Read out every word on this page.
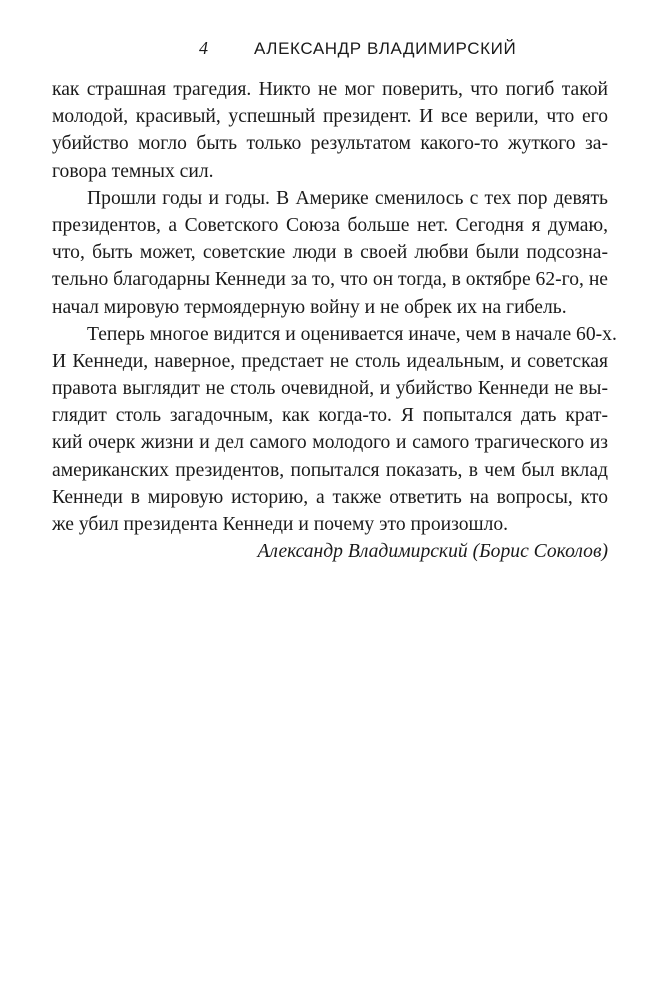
4	АЛЕКСАНДР ВЛАДИМИРСКИЙ
как страшная трагедия. Никто не мог поверить, что погиб такой
молодой, красивый, успешный президент. И все верили, что его
убийство могло быть только результатом какого-то жуткого за-
говора темных сил.
Прошли годы и годы. В Америке сменилось с тех пор девять
президентов, а Советского Союза больше нет. Сегодня я думаю,
что, быть может, советские люди в своей любви были подсозна-
тельно благодарны Кеннеди за то, что он тогда, в октябре 62-го, не
начал мировую термоядерную войну и не обрек их на гибель.
Теперь многое видится и оценивается иначе, чем в начале 60-х.
И Кеннеди, наверное, предстает не столь идеальным, и советская
правота выглядит не столь очевидной, и убийство Кеннеди не вы-
глядит столь загадочным, как когда-то. Я попытался дать крат-
кий очерк жизни и дел самого молодого и самого трагического из
американских президентов, попытался показать, в чем был вклад
Кеннеди в мировую историю, а также ответить на вопросы, кто
же убил президента Кеннеди и почему это произошло.
Александр Владимирский (Борис Соколов)
